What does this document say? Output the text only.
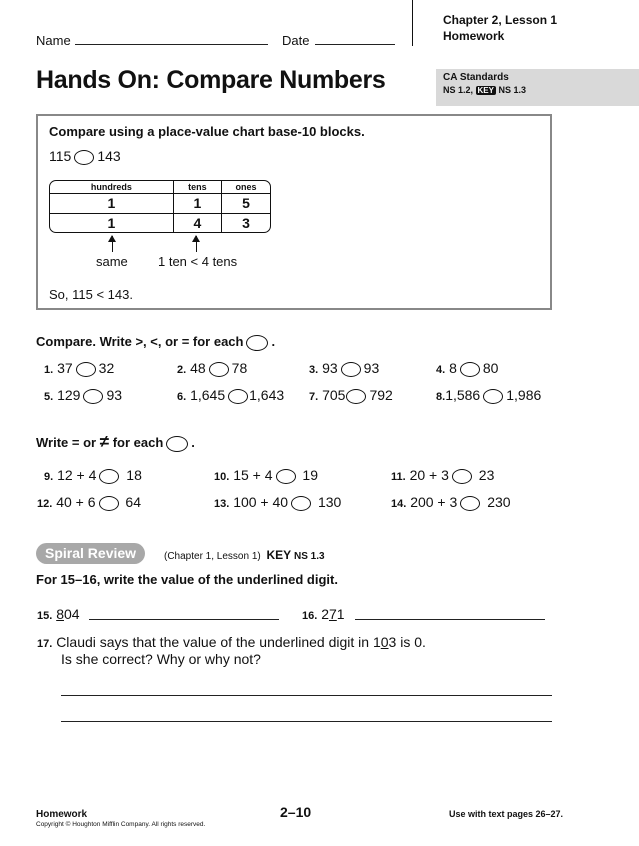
Name	Date
Chapter 2, Lesson 1
Homework
Hands On: Compare Numbers	CA Standards
NS 1.2, KEY NS 1.3
Compare using a place-value chart base-10 blocks.
115 143
hundreds	tens	ones
1	1	5
1	4	3
same 1 ten < 4 tens
So, 115 < 143.
Compare. Write >, <, or = for each .
1. 37 32	2. 48 78	3. 93 93	4. 8 80
5. 129 93	6. 1,645 1,643 7. 705 792	8.1,586 1,986
Write = or ≠ for each .
9. 12 + 4 18	10. 15 + 4 19	11. 20 + 3 23
12. 40 + 6 64	13. 100 + 40 130	14. 200 + 3 230
Spiral Review	(Chapter 1, Lesson 1) KEY NS 1.3
For 15–16, write the value of the underlined digit.
15. 804	16. 271
17. Claudi says that the value of the underlined digit in 103 is 0.
Is she correct? Why or why not?
Homework
Copyright © Houghton Mifflin Company. All rights reserved.
2–10	Use with text pages 26–27.
